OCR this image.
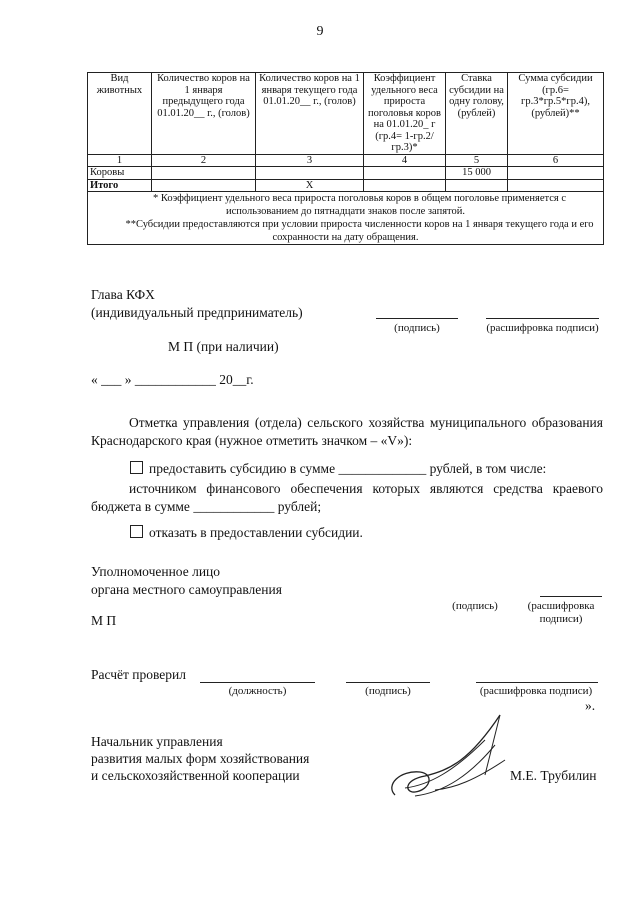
9
Вид животных	Количество коров на 1 января предыдущего года 01.01.20__ г., (голов)	Количество коров на 1 января текущего года 01.01.20__ г., (голов)	Коэффициент удельного веса прироста поголовья коров на 01.01.20_ г (гр.4= 1-гр.2/гр.3)*	Ставка субсидии на одну голову, (рублей)	Сумма субсидии (гр.6= гр.3*гр.5*гр.4), (рублей)**
1	2	3	4	5	6
Коровы				15 000	
Итого		X			

* Коэффициент удельного веса прироста поголовья коров в общем поголовье применяется с использованием до пятнадцати знаков после запятой.
**Субсидии предоставляются при условии прироста численности коров на 1 января текущего года и его сохранности на дату обращения.					
Глава КФХ
(индивидуальный предприниматель)
(подпись)	(расшифровка подписи)
М П (при наличии)
« ___ » ____________ 20__г.
Отметка управления (отдела) сельского хозяйства муниципального образования Краснодарского края (нужное отметить значком – «V»):
предоставить субсидию в сумме _____________ рублей, в том числе:
источником финансового обеспечения которых являются средства краевого бюджета в сумме ____________ рублей;
отказать в предоставлении субсидии.
Уполномоченное лицо
органа местного самоуправления
(подпись)	(расшифровка подписи)
М П
Расчёт проверил
(должность)	(подпись)	(расшифровка подписи)
».
Начальник управления
развития малых форм хозяйствования
и сельскохозяйственной кооперации	М.Е. Трубилин
